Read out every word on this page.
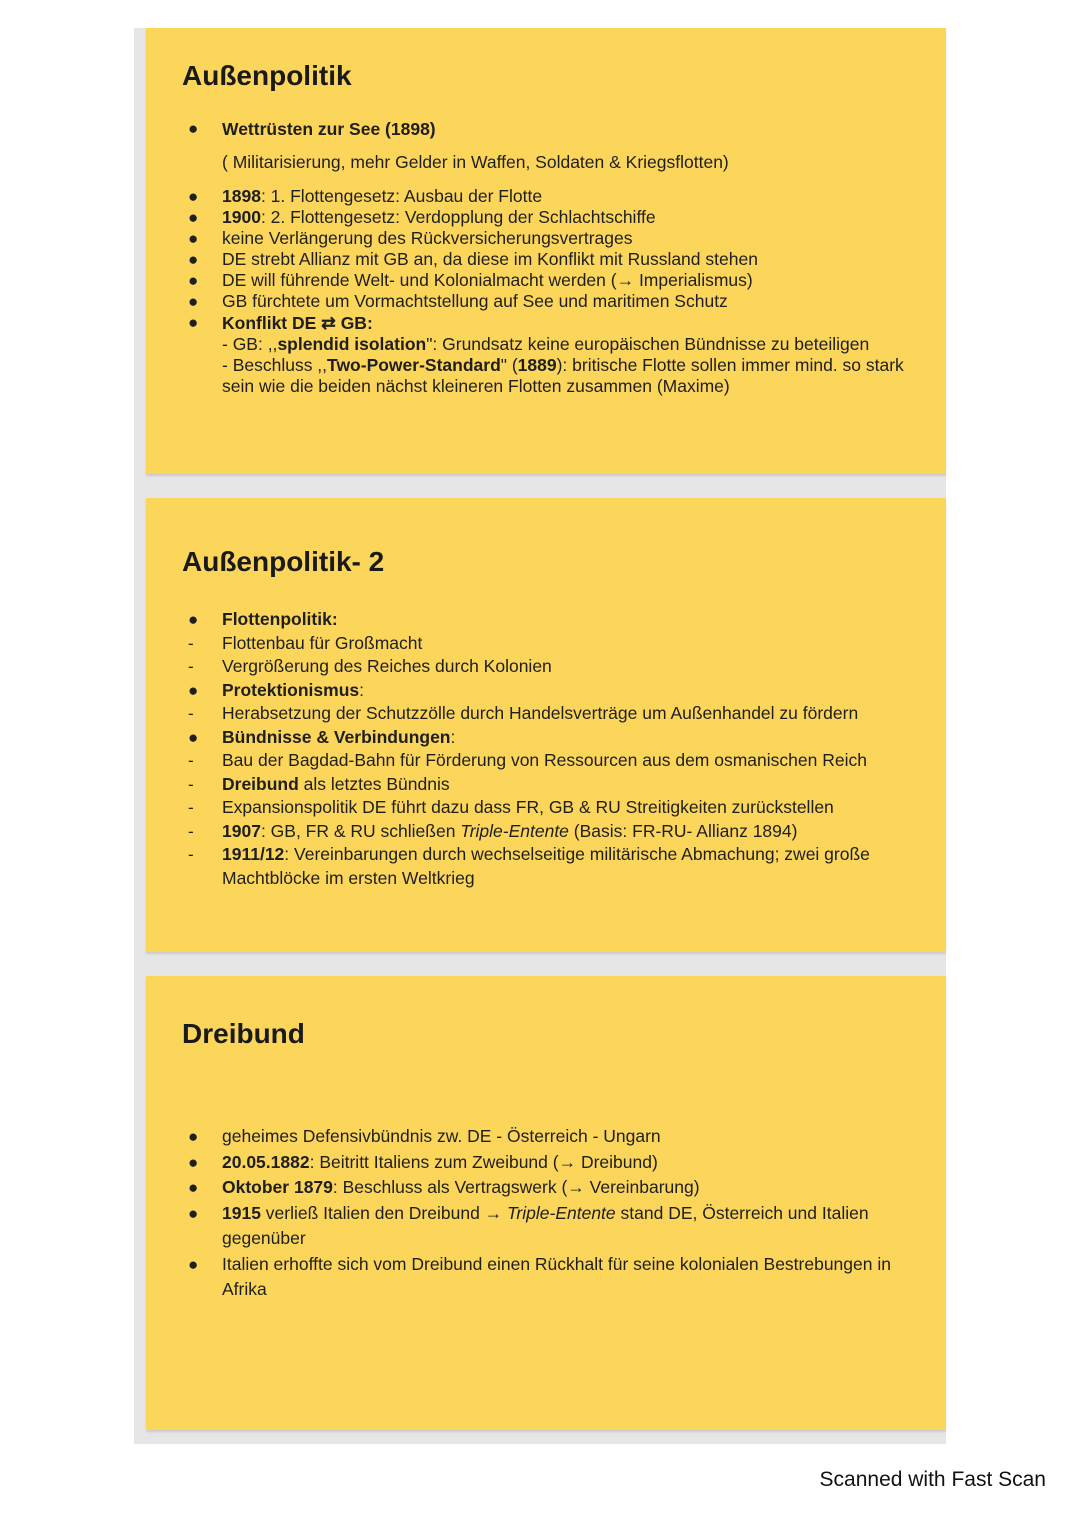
Außenpolitik
●	Wettrüsten zur See (1898)
( Militarisierung, mehr Gelder in Waffen, Soldaten & Kriegsflotten)
●	1898: 1. Flottengesetz: Ausbau der Flotte
●	1900: 2. Flottengesetz: Verdopplung der Schlachtschiffe
●	keine Verlängerung des Rückversicherungsvertrages
●	DE strebt Allianz mit GB an, da diese im Konflikt mit Russland stehen
●	DE will führende Welt- und Kolonialmacht werden (→ Imperialismus)
●	GB fürchtete um Vormachtstellung auf See und maritimen Schutz
●	Konflikt DE ⇄ GB:
- GB: ,,splendid isolation": Grundsatz keine europäischen Bündnisse zu beteiligen
- Beschluss ,,Two-Power-Standard" (1889): britische Flotte sollen immer mind. so stark sein wie die beiden nächst kleineren Flotten zusammen (Maxime)
Außenpolitik- 2
●	Flottenpolitik:
-	Flottenbau für Großmacht
-	Vergrößerung des Reiches durch Kolonien
●	Protektionismus:
-	Herabsetzung der Schutzzölle durch Handelsverträge um Außenhandel zu fördern
●	Bündnisse & Verbindungen:
-	Bau der Bagdad-Bahn für Förderung von Ressourcen aus dem osmanischen Reich
-	Dreibund als letztes Bündnis
-	Expansionspolitik DE führt dazu dass FR, GB & RU Streitigkeiten zurückstellen
-	1907: GB, FR & RU schließen Triple-Entente (Basis: FR-RU- Allianz 1894)
-	1911/12: Vereinbarungen durch wechselseitige militärische Abmachung; zwei große Machtblöcke im ersten Weltkrieg
Dreibund
●	geheimes Defensivbündnis zw. DE - Österreich - Ungarn
●	20.05.1882: Beitritt Italiens zum Zweibund (→ Dreibund)
●	Oktober 1879: Beschluss als Vertragswerk (→ Vereinbarung)
●	1915 verließ Italien den Dreibund → Triple-Entente stand DE, Österreich und Italien gegenüber
●	Italien erhoffte sich vom Dreibund einen Rückhalt für seine kolonialen Bestrebungen in Afrika
Scanned with Fast Scan
